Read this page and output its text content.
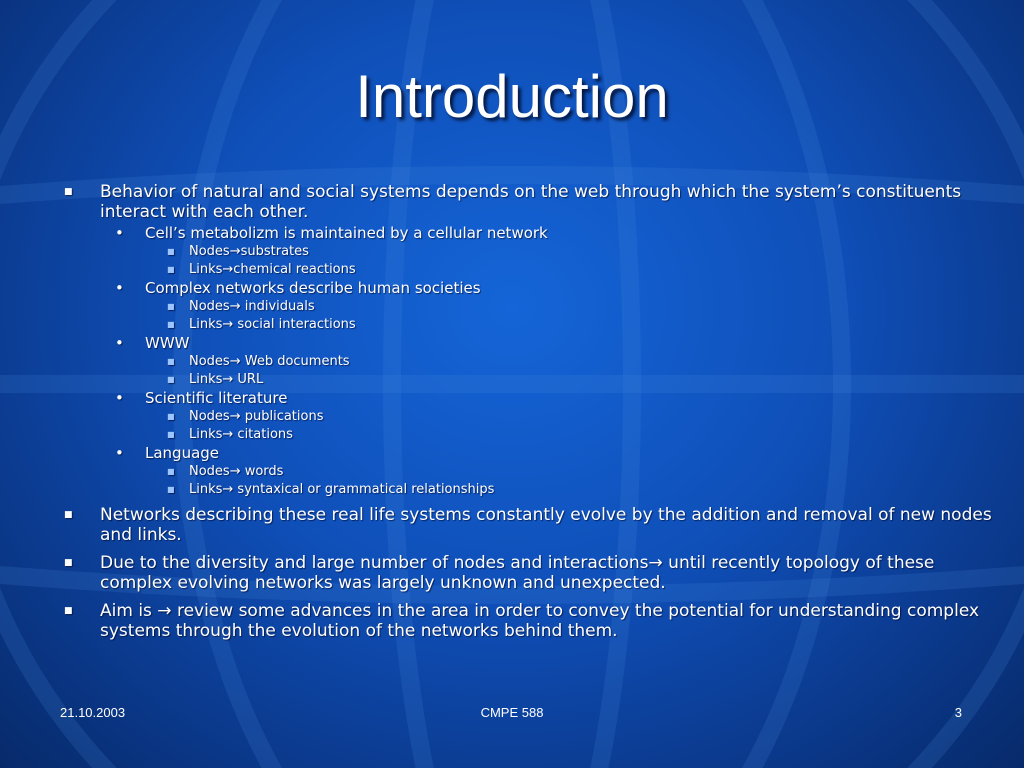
Introduction
■ Behavior of natural and social systems depends on the web through which the system’s constituents interact with each other.
• Cell’s metabolizm is maintained by a cellular network
■ Nodes→substrates
■ Links→chemical reactions
• Complex networks describe human societies
■ Nodes→ individuals
■ Links→ social interactions
• WWW
■ Nodes→ Web documents
■ Links→ URL
• Scientific literature
■ Nodes→ publications
■ Links→ citations
• Language
■ Nodes→ words
■ Links→ syntaxical or grammatical relationships
■ Networks describing these real life systems constantly evolve by the addition and removal of new nodes and links.
■ Due to the diversity and large number of nodes and interactions→ until recently topology of these complex evolving networks was largely unknown and unexpected.
■ Aim is → review some advances in the area in order to convey the potential for understanding complex systems through the evolution of the networks behind them.
21.10.2003	CMPE 588	3
